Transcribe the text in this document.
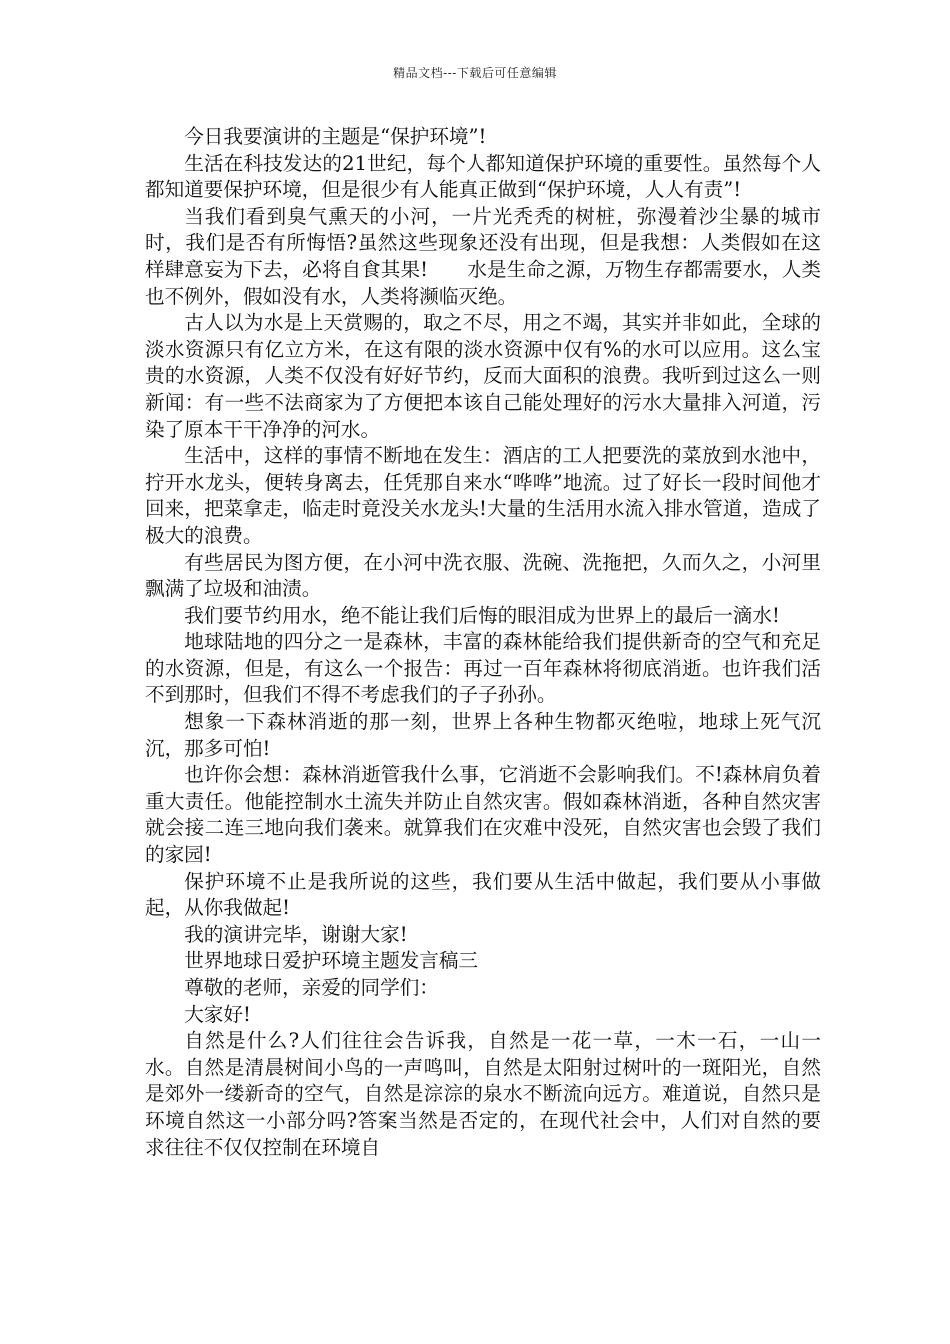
精品文档---下载后可任意编辑

今日我要演讲的主题是“保护环境”!

生活在科技发达的21世纪，每个人都知道保护环境的重要性。虽然每个人都知道要保护环境，但是很少有人能真正做到“保护环境，人人有责”!

当我们看到臭气熏天的小河，一片光秃秃的树桩，弥漫着沙尘暴的城市时，我们是否有所悔悟?虽然这些现象还没有出现，但是我想：人类假如在这样肆意妄为下去，必将自食其果!　　水是生命之源，万物生存都需要水，人类也不例外，假如没有水，人类将濒临灭绝。

古人以为水是上天赏赐的，取之不尽，用之不竭，其实并非如此，全球的淡水资源只有亿立方米，在这有限的淡水资源中仅有%的水可以应用。这么宝贵的水资源，人类不仅没有好好节约，反而大面积的浪费。我听到过这么一则新闻：有一些不法商家为了方便把本该自己能处理好的污水大量排入河道，污染了原本干干净净的河水。

生活中，这样的事情不断地在发生：酒店的工人把要洗的菜放到水池中，拧开水龙头，便转身离去，任凭那自来水“哗哗”地流。过了好长一段时间他才回来，把菜拿走，临走时竟没关水龙头!大量的生活用水流入排水管道，造成了极大的浪费。

有些居民为图方便，在小河中洗衣服、洗碗、洗拖把，久而久之，小河里飘满了垃圾和油渍。

我们要节约用水，绝不能让我们后悔的眼泪成为世界上的最后一滴水!

地球陆地的四分之一是森林，丰富的森林能给我们提供新奇的空气和充足的水资源，但是，有这么一个报告：再过一百年森林将彻底消逝。也许我们活不到那时，但我们不得不考虑我们的子子孙孙。

想象一下森林消逝的那一刻，世界上各种生物都灭绝啦，地球上死气沉沉，那多可怕!

也许你会想：森林消逝管我什么事，它消逝不会影响我们。不!森林肩负着重大责任。他能控制水土流失并防止自然灾害。假如森林消逝，各种自然灾害就会接二连三地向我们袭来。就算我们在灾难中没死，自然灾害也会毁了我们的家园!

保护环境不止是我所说的这些，我们要从生活中做起，我们要从小事做起，从你我做起!

我的演讲完毕，谢谢大家!

世界地球日爱护环境主题发言稿三

尊敬的老师，亲爱的同学们：

大家好!

自然是什么?人们往往会告诉我，自然是一花一草，一木一石，一山一水。自然是清晨树间小鸟的一声鸣叫，自然是太阳射过树叶的一斑阳光，自然是郊外一缕新奇的空气，自然是淙淙的泉水不断流向远方。难道说，自然只是环境自然这一小部分吗?答案当然是否定的，在现代社会中，人们对自然的要求往往不仅仅控制在环境自
